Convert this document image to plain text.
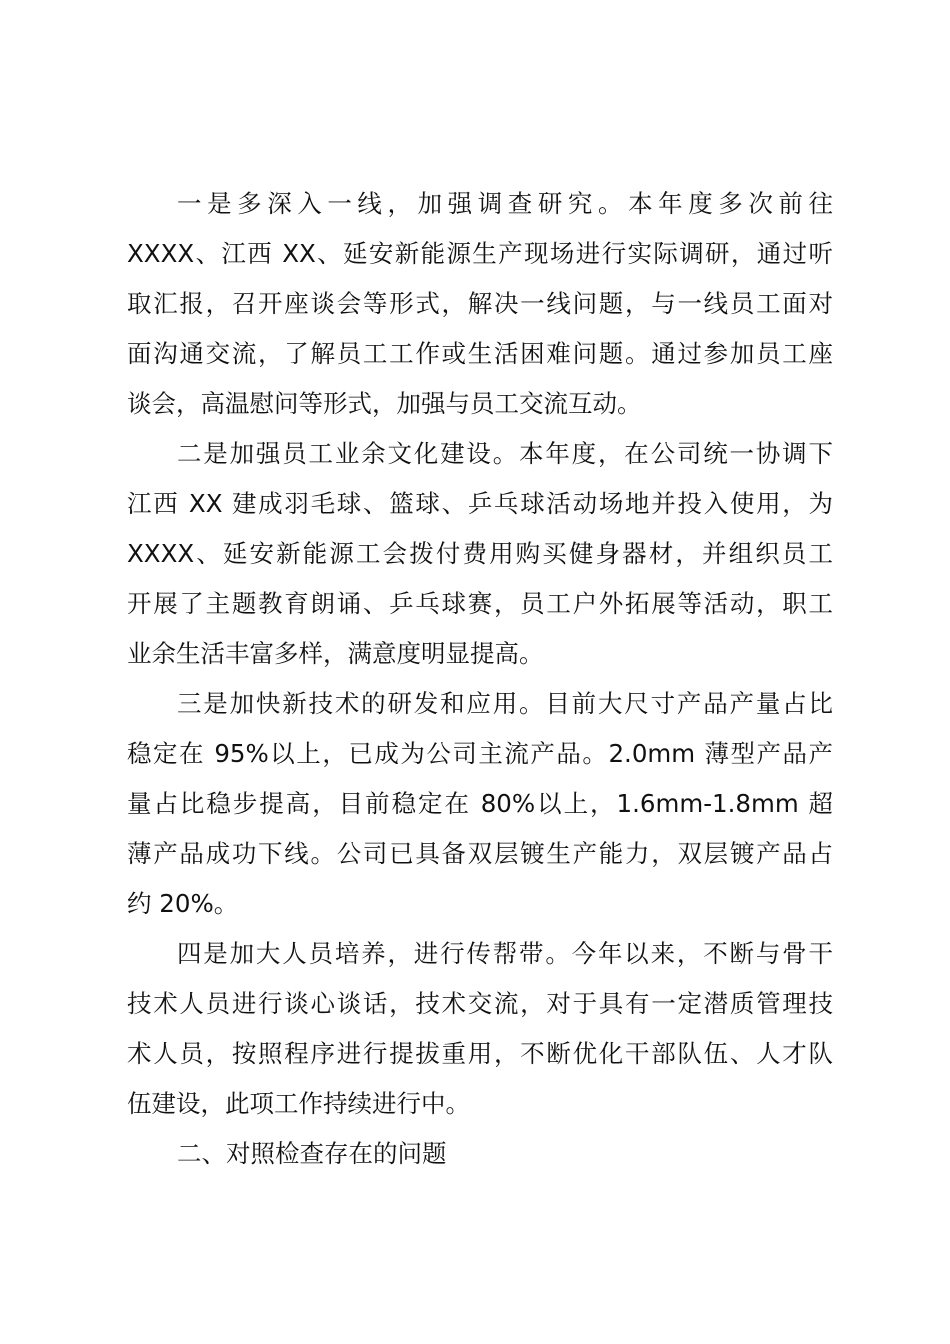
一是多深入一线，加强调查研究。本年度多次前往
XXXX、江西 XX、延安新能源生产现场进行实际调研，通过听
取汇报，召开座谈会等形式，解决一线问题，与一线员工面对
面沟通交流，了解员工工作或生活困难问题。通过参加员工座
谈会，高温慰问等形式，加强与员工交流互动。
二是加强员工业余文化建设。本年度，在公司统一协调下
江西 XX 建成羽毛球、篮球、乒乓球活动场地并投入使用，为
XXXX、延安新能源工会拨付费用购买健身器材，并组织员工
开展了主题教育朗诵、乒乓球赛，员工户外拓展等活动，职工
业余生活丰富多样，满意度明显提高。
三是加快新技术的研发和应用。目前大尺寸产品产量占比
稳定在 95%以上，已成为公司主流产品。2.0mm 薄型产品产
量占比稳步提高，目前稳定在 80%以上，1.6mm-1.8mm 超
薄产品成功下线。公司已具备双层镀生产能力，双层镀产品占
约 20%。
四是加大人员培养，进行传帮带。今年以来，不断与骨干
技术人员进行谈心谈话，技术交流，对于具有一定潜质管理技
术人员，按照程序进行提拔重用，不断优化干部队伍、人才队
伍建设，此项工作持续进行中。
二、对照检查存在的问题
